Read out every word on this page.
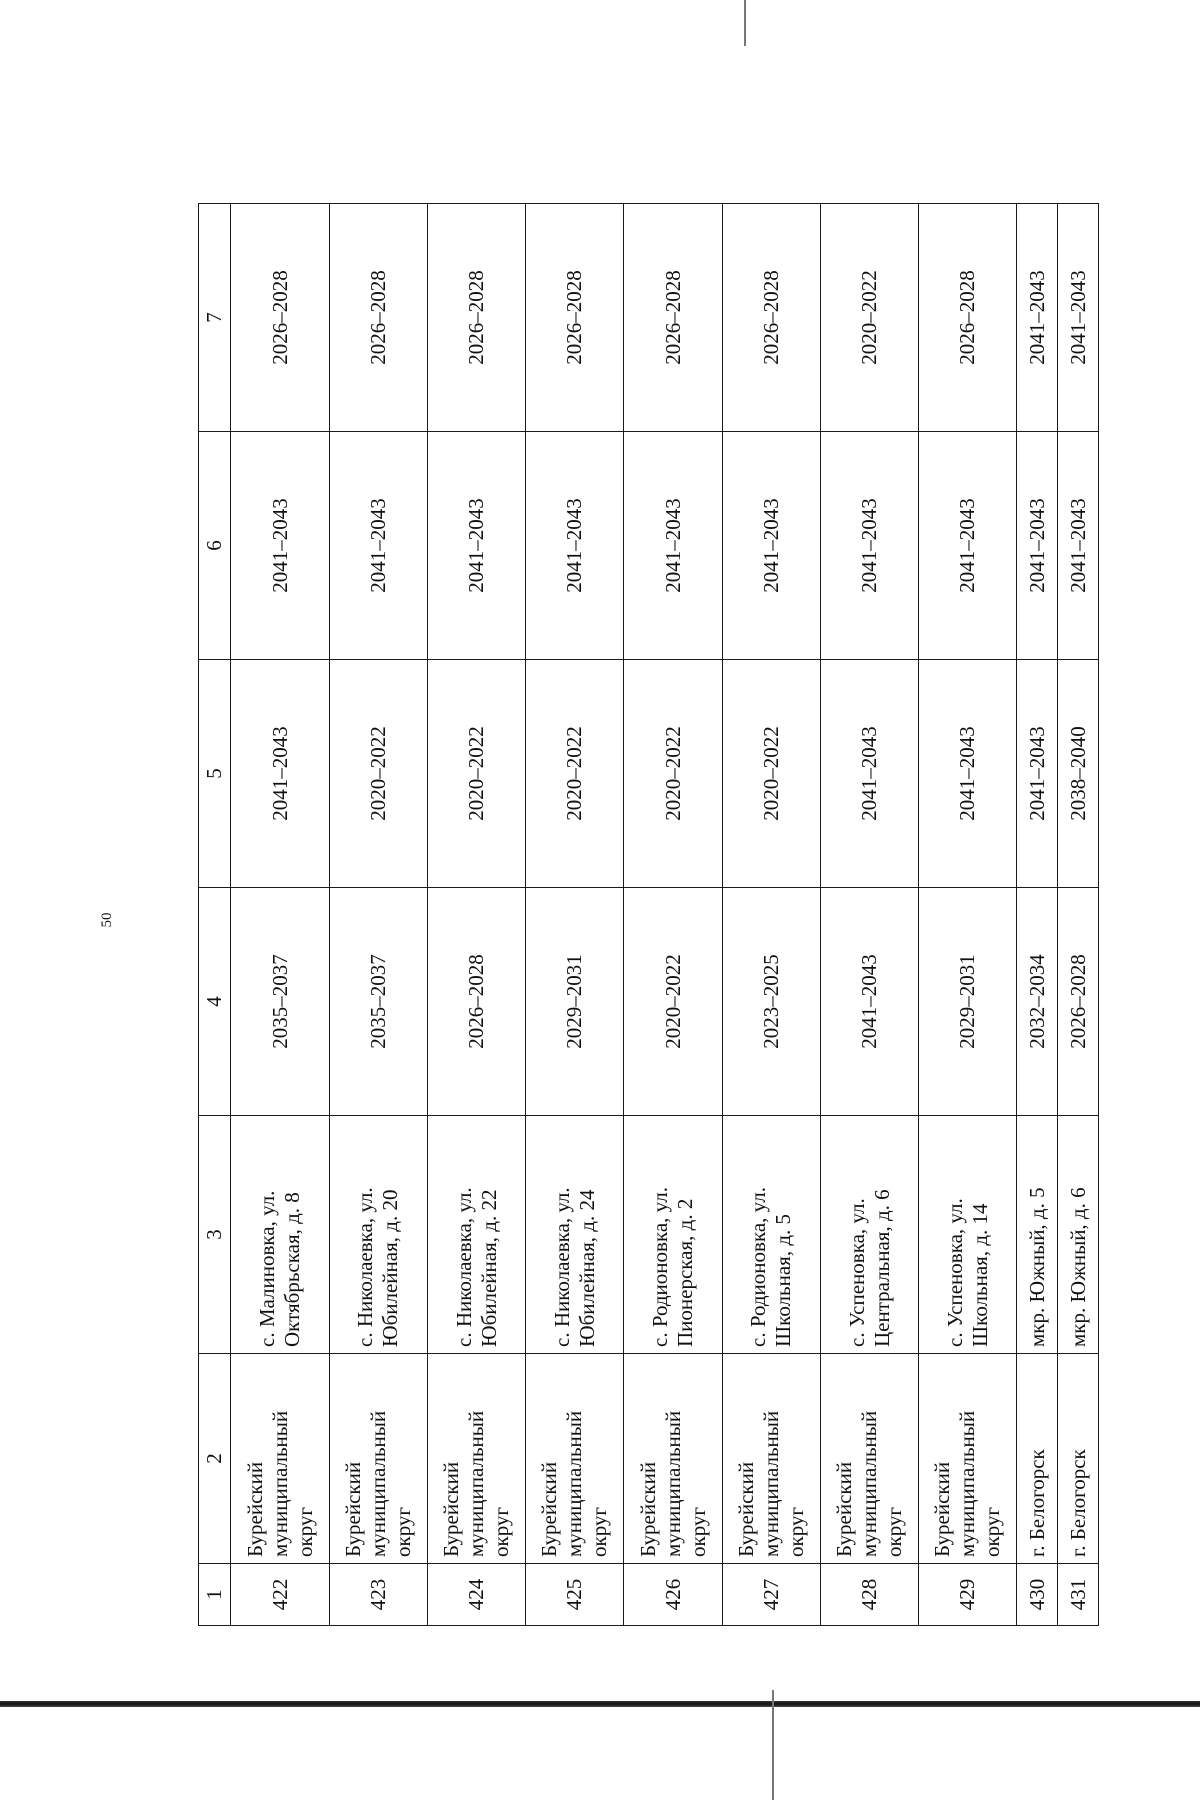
50
1	2	3	4	5	6	7
422	Бурейский муниципальный округ	с. Малиновка, ул. Октябрьская, д. 8	2035–2037	2041–2043	2041–2043	2026–2028
423	Бурейский муниципальный округ	с. Николаевка, ул. Юбилейная, д. 20	2035–2037	2020–2022	2041–2043	2026–2028
424	Бурейский муниципальный округ	с. Николаевка, ул. Юбилейная, д. 22	2026–2028	2020–2022	2041–2043	2026–2028
425	Бурейский муниципальный округ	с. Николаевка, ул. Юбилейная, д. 24	2029–2031	2020–2022	2041–2043	2026–2028
426	Бурейский муниципальный округ	с. Родионовка, ул. Пионерская, д. 2	2020–2022	2020–2022	2041–2043	2026–2028
427	Бурейский муниципальный округ	с. Родионовка, ул. Школьная, д. 5	2023–2025	2020–2022	2041–2043	2026–2028
428	Бурейский муниципальный округ	с. Успеновка, ул. Центральная, д. 6	2041–2043	2041–2043	2041–2043	2020–2022
429	Бурейский муниципальный округ	с. Успеновка, ул. Школьная, д. 14	2029–2031	2041–2043	2041–2043	2026–2028
430	г. Белогорск	мкр. Южный, д. 5	2032–2034	2041–2043	2041–2043	2041–2043
431	г. Белогорск	мкр. Южный, д. 6	2026–2028	2038–2040	2041–2043	2041–2043
